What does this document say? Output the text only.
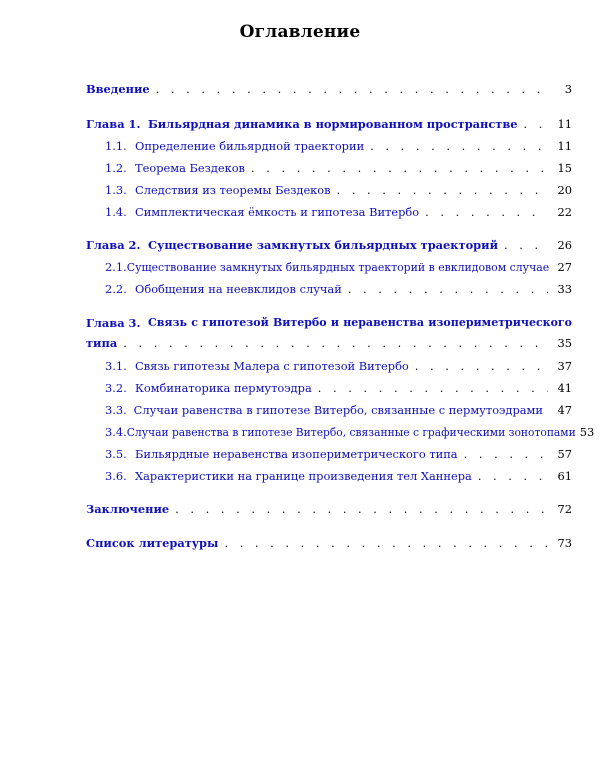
Оглавление
Введение . . .	3
Глава 1. Бильярдная динамика в нормированном пространстве . . .	11
1.1. Определение бильярдной траектории . . .	11
1.2. Теорема Бездеков . . .	15
1.3. Следствия из теоремы Бездеков . . .	20
1.4. Симплектическая ёмкость и гипотеза Витербо . . .	22
Глава 2. Существование замкнутых бильярдных траекторий . . .	26
2.1. Существование замкнутых бильярдных траекторий в евклидовом случае 27
2.2. Обобщения на неевклидов случай . . .	33
Глава 3. Связь с гипотезой Витербо и неравенства изопериметрического
типа . . .	35
3.1. Связь гипотезы Малера с гипотезой Витербо . . .	37
3.2. Комбинаторика пермутоэдра . . .	41
3.3. Случаи равенства в гипотезе Витербо, связанные с пермутоэдрами	47
3.4. Случаи равенства в гипотезе Витербо, связанные с графическими зонотопами 53
3.5. Бильярдные неравенства изопериметрического типа . . .	57
3.6. Характеристики на границе произведения тел Ханнера . . .	61
Заключение . . .	72
Список литературы . . .	73
